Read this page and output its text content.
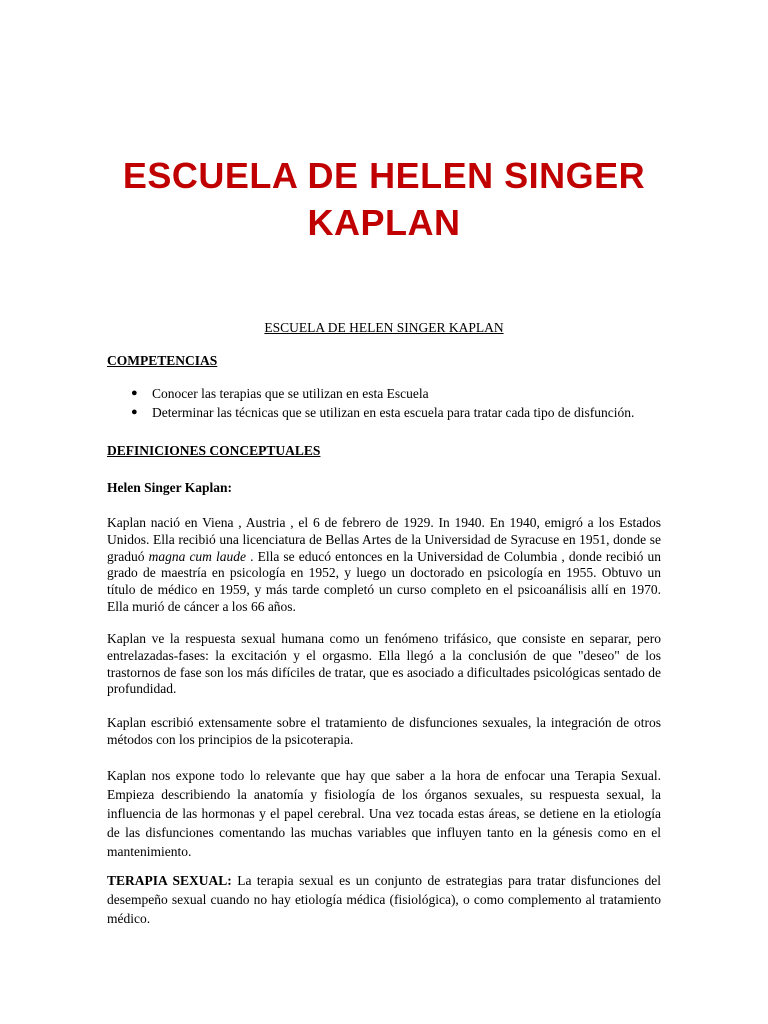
ESCUELA DE HELEN SINGER
KAPLAN
ESCUELA DE HELEN SINGER KAPLAN
COMPETENCIAS
● Conocer las terapias que se utilizan en esta Escuela
● Determinar las técnicas que se utilizan en esta escuela para tratar cada tipo de disfunción.
DEFINICIONES CONCEPTUALES
Helen Singer Kaplan:

Kaplan nació en Viena , Austria , el 6 de febrero de 1929. In 1940. En 1940, emigró a los Estados Unidos. Ella recibió una licenciatura de Bellas Artes de la Universidad de Syracuse en 1951, donde se graduó magna cum laude . Ella se educó entonces en la Universidad de Columbia , donde recibió un grado de maestría en psicología en 1952, y luego un doctorado en psicología en 1955. Obtuvo un título de médico en 1959, y más tarde completó un curso completo en el psicoanálisis allí en 1970. Ella murió de cáncer a los 66 años.

Kaplan ve la respuesta sexual humana como un fenómeno trifásico, que consiste en separar, pero entrelazadas-fases: la excitación y el orgasmo. Ella llegó a la conclusión de que "deseo" de los trastornos de fase son los más difíciles de tratar, que es asociado a dificultades psicológicas sentado de profundidad.

Kaplan escribió extensamente sobre el tratamiento de disfunciones sexuales, la integración de otros métodos con los principios de la psicoterapia.

Kaplan nos expone todo lo relevante que hay que saber a la hora de enfocar una Terapia Sexual. Empieza describiendo la anatomía y fisiología de los órganos sexuales, su respuesta sexual, la influencia de las hormonas y el papel cerebral. Una vez tocada estas áreas, se detiene en la etiología de las disfunciones comentando las muchas variables que influyen tanto en la génesis como en el mantenimiento.

TERAPIA SEXUAL: La terapia sexual es un conjunto de estrategias para tratar disfunciones del desempeño sexual cuando no hay etiología médica (fisiológica), o como complemento al tratamiento médico.
